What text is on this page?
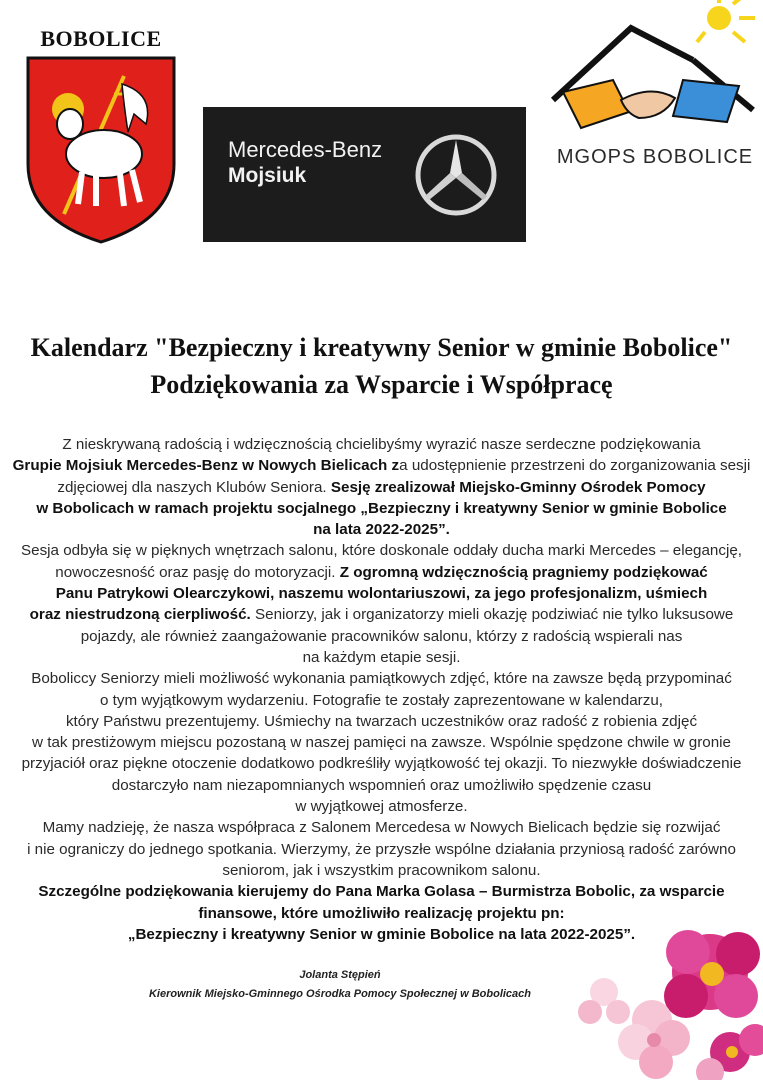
BOBOLICE
Mercedes-Benz
Mojsiuk
MGOPS BOBOLICE
Kalendarz "Bezpieczny i kreatywny Senior w gminie Bobolice"
Podziękowania za Wsparcie i Współpracę
Z nieskrywaną radością i wdzięcznością chcielibyśmy wyrazić nasze serdeczne podziękowania
Grupie Mojsiuk Mercedes-Benz w Nowych Bielicach za udostępnienie przestrzeni do zorganizowania sesji
zdjęciowej dla naszych Klubów Seniora. Sesję zrealizował Miejsko-Gminny Ośrodek Pomocy
w Bobolicach w ramach projektu socjalnego „Bezpieczny i kreatywny Senior w gminie Bobolice
na lata 2022-2025”.
Sesja odbyła się w pięknych wnętrzach salonu, które doskonale oddały ducha marki Mercedes – elegancję,
nowoczesność oraz pasję do motoryzacji. Z ogromną wdzięcznością pragniemy podziękować
Panu Patrykowi Olearczykowi, naszemu wolontariuszowi, za jego profesjonalizm, uśmiech
oraz niestrudzoną cierpliwość. Seniorzy, jak i organizatorzy mieli okazję podziwiać nie tylko luksusowe
pojazdy, ale również zaangażowanie pracowników salonu, którzy z radością wspierali nas
na każdym etapie sesji.
Boboliccy Seniorzy mieli możliwość wykonania pamiątkowych zdjęć, które na zawsze będą przypominać
o tym wyjątkowym wydarzeniu. Fotografie te zostały zaprezentowane w kalendarzu,
który Państwu prezentujemy. Uśmiechy na twarzach uczestników oraz radość z robienia zdjęć
w tak prestiżowym miejscu pozostaną w naszej pamięci na zawsze. Wspólnie spędzone chwile w gronie
przyjaciół oraz piękne otoczenie dodatkowo podkreśliły wyjątkowość tej okazji. To niezwykłe doświadczenie
dostarczyło nam niezapomnianych wspomnień oraz umożliwiło spędzenie czasu
w wyjątkowej atmosferze.
Mamy nadzieję, że nasza współpraca z Salonem Mercedesa w Nowych Bielicach będzie się rozwijać
i nie ograniczy do jednego spotkania. Wierzymy, że przyszłe wspólne działania przyniosą radość zarówno
seniorom, jak i wszystkim pracownikom salonu.
Szczególne podziękowania kierujemy do Pana Marka Golasa – Burmistrza Bobolic, za wsparcie
finansowe, które umożliwiło realizację projektu pn:
„Bezpieczny i kreatywny Senior w gminie Bobolice na lata 2022-2025”.
Jolanta Stępień
Kierownik Miejsko-Gminnego Ośrodka Pomocy Społecznej w Bobolicach
